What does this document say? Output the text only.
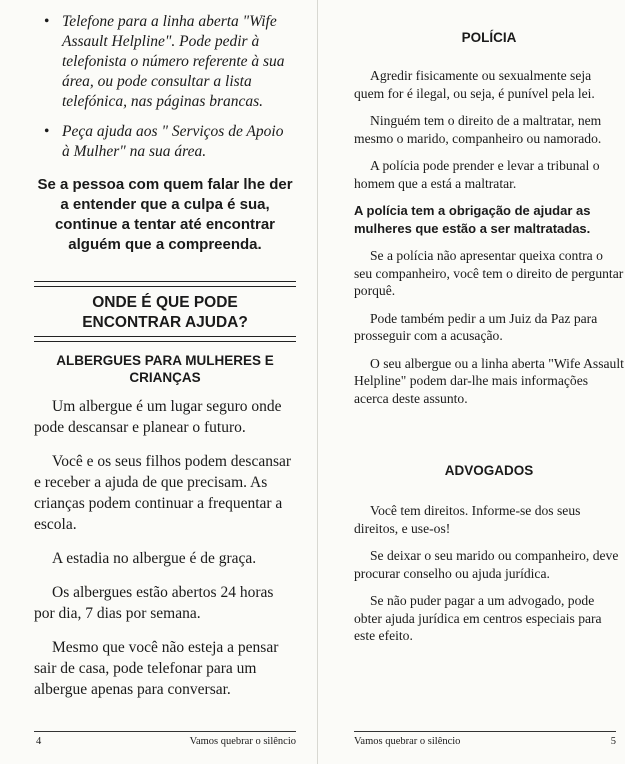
• Telefone para a linha aberta "Wife Assault Helpline". Pode pedir à telefonista o número referente à sua área, ou pode consultar a lista telefónica, nas páginas brancas.
• Peça ajuda aos " Serviços de Apoio à Mulher" na sua área.

Se a pessoa com quem falar lhe der a entender que a culpa é sua, continue a tentar até encontrar alguém que a compreenda.

ONDE É QUE PODE

ENCONTRAR AJUDA?

ALBERGUES PARA MULHERES E

CRIANÇAS

Um albergue é um lugar seguro onde pode descansar e planear o futuro.

Você e os seus filhos podem descansar e receber a ajuda de que precisam. As crianças podem continuar a frequentar a escola.

A estadia no albergue é de graça.

Os albergues estão abertos 24 horas por dia, 7 dias por semana.

Mesmo que você não esteja a pensar sair de casa, pode telefonar para um albergue apenas para conversar.

4	Vamos quebrar o silêncio

POLÍCIA

Agredir fisicamente ou sexualmente seja quem for é ilegal, ou seja, é punível pela lei.

Ninguém tem o direito de a maltratar, nem mesmo o marido, companheiro ou namorado.

A polícia pode prender e levar a tribunal o homem que a está a maltratar.

A polícia tem a obrigação de ajudar as mulheres que estão a ser maltratadas.

Se a polícia não apresentar queixa contra o seu companheiro, você tem o direito de perguntar porquê.

Pode também pedir a um Juiz da Paz para prosseguir com a acusação.

O seu albergue ou a linha aberta "Wife Assault Helpline" podem dar-lhe mais informações acerca deste assunto.

ADVOGADOS

Você tem direitos. Informe-se dos seus direitos, e use-os!

Se deixar o seu marido ou companheiro, deve procurar conselho ou ajuda jurídica.

Se não puder pagar a um advogado, pode obter ajuda jurídica em centros especiais para este efeito.

Vamos quebrar o silêncio	5
